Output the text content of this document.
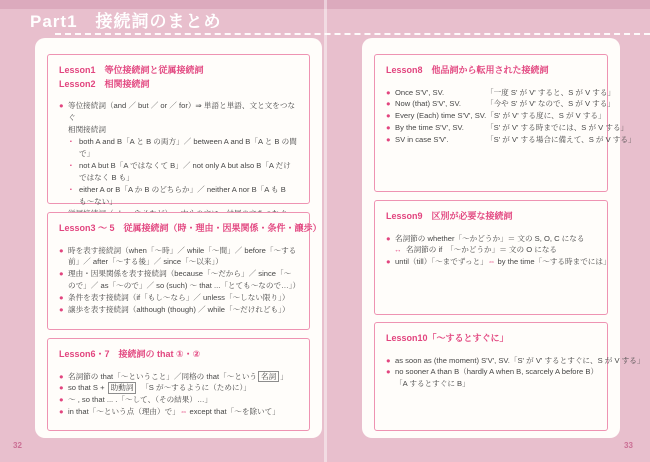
Part1　接続詞のまとめ
Lesson1　等位接続詞と従属接続詞
Lesson2　相関接続詞
● 等位接続詞（and ／ but ／ or ／ for）⇒ 単語と単語、文と文をつなぐ
相関接続詞
▪ both A and B「A と B の両方」／ between A and B「A と B の間で」
▪ not A but B「A ではなくて B」／ not only A but also B「A だけではなく B も」
▪ either A or B「A か B のどちらか」／ neither A nor B「A も B も〜ない」
Lesson3 ～ 5　従属接続詞（時・理由・因果関係・条件・譲歩）
● 時を表す接続詞（when「〜時」／ while「〜間」／ before「〜する前」／ after「〜する後」／ since「〜以来」）
● 理由・因果関係を表す接続詞（because「〜だから」／ since「〜ので」／ as「〜ので」／ so (such) 〜 that ...「とても〜なので…」）
● 条件を表す接続詞（if「もし〜なら」／ unless「〜しない限り」）
● 譲歩を表す接続詞（although (though) ／ while「〜だけれども」）
Lesson6・7　接続詞の that ①・②
● 名詞節の that「〜ということ」／同格の that「〜という 名詞 」
● so that S + 助動詞　「S が〜するように（ために）」
● 〜 , so that ... .「〜して、（その結果）…」
● in that「〜という点（理由）で」⇔ except that「〜を除いて」
Lesson8　他品詞から転用された接続詞
● Once S'V', SV.	「一度 S' が V' すると、S が V する」
● Now (that) S'V', SV.	「今や S' が V' なので、S が V する」
● Every (Each) time S'V', SV. 「S' が V' する度に、S が V する」
● By the time S'V', SV.	「S' が V' する時までには、S が V する」
● SV in case S'V'.	「S' が V' する場合に備えて、S が V する」
Lesson9　区別が必要な接続詞
● 名詞節の whether「〜かどうか」＝ 文の S, O, C になる
↔ 名詞節の if　「〜かどうか」＝ 文の O になる
● until（till）「〜までずっと」⇔ by the time「〜する時までには」
Lesson10「〜するとすぐに」
● as soon as (the moment) S'V', SV.「S' が V' するとすぐに、S が V する」
● no sooner A than B（hardly A when B, scarcely A before B）
「A するとすぐに B」
32	33
